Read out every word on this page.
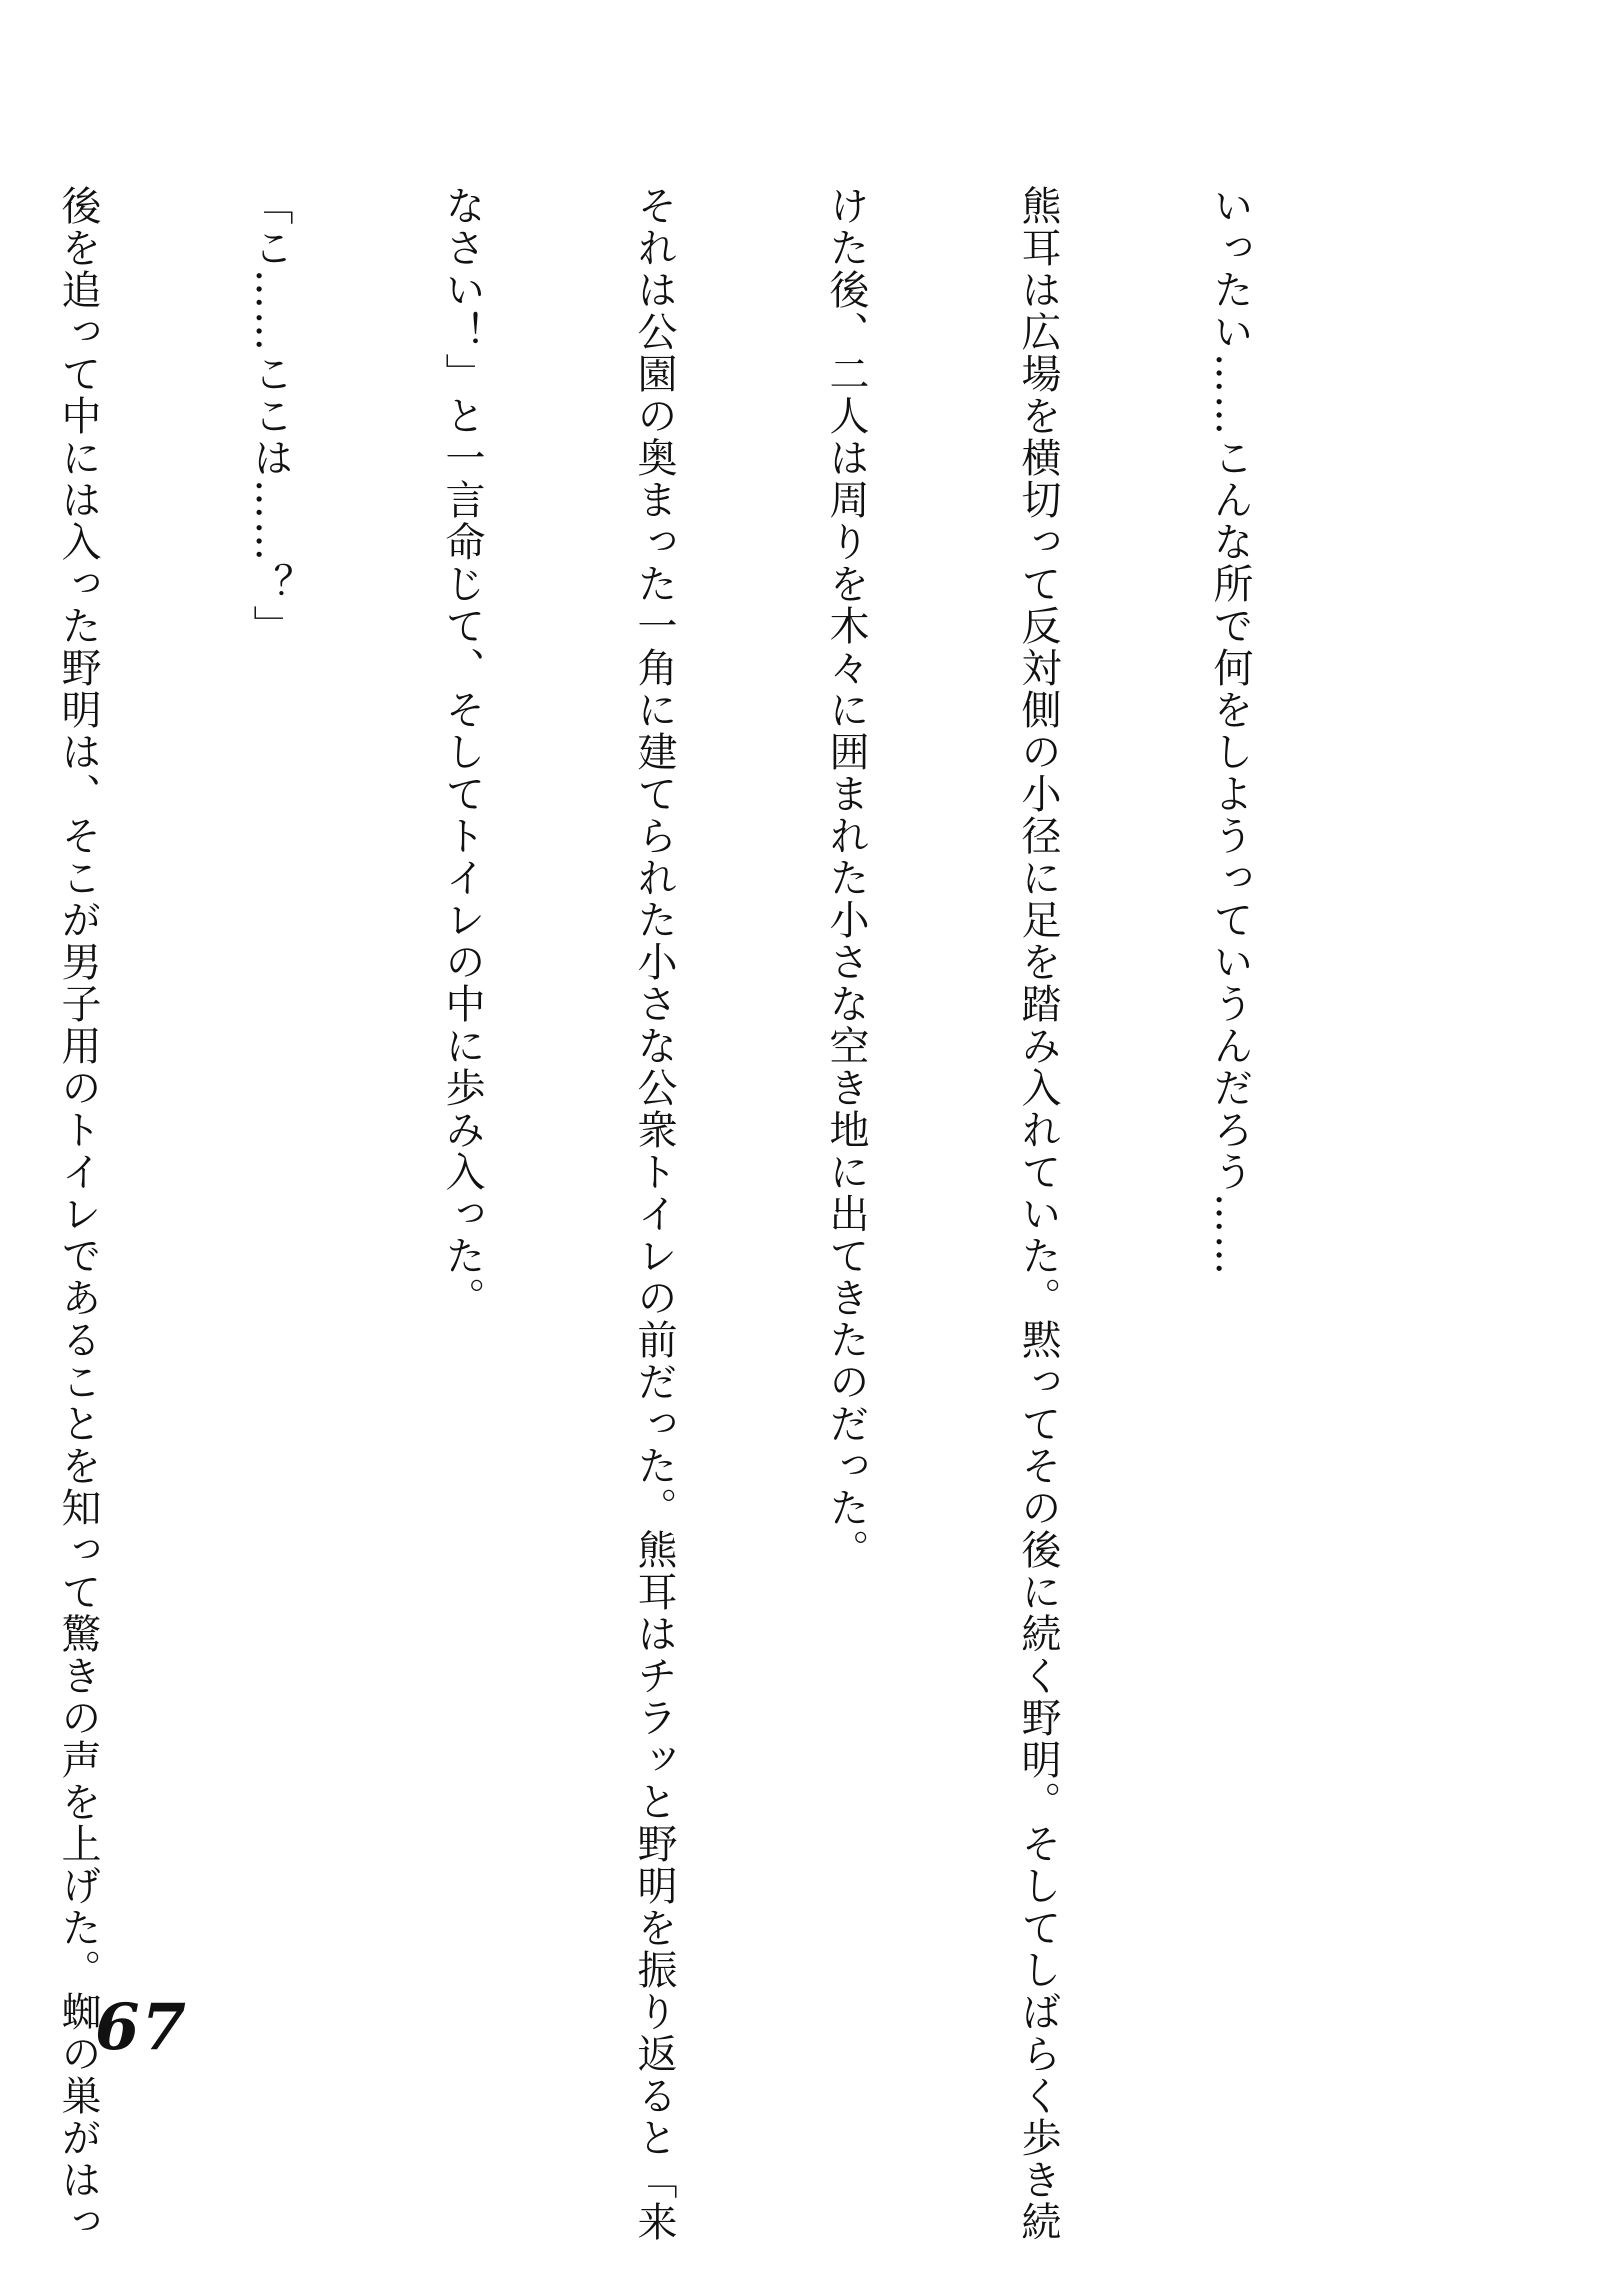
いったい……こんな所で何をしようっていうんだろう……

熊耳は広場を横切って反対側の小径に足を踏み入れていた。黙ってその後に続く野明。そしてしばらく歩き続

けた後、二人は周りを木々に囲まれた小さな空き地に出てきたのだった。

それは公園の奥まった一角に建てられた小さな公衆トイレの前だった。熊耳はチラッと野明を振り返ると「来

なさい！」と一言命じて、そしてトイレの中に歩み入った。

「こ……ここは……？」

後を追って中には入った野明は、そこが男子用のトイレであることを知って驚きの声を上げた。蜘の巣がはっ

67
